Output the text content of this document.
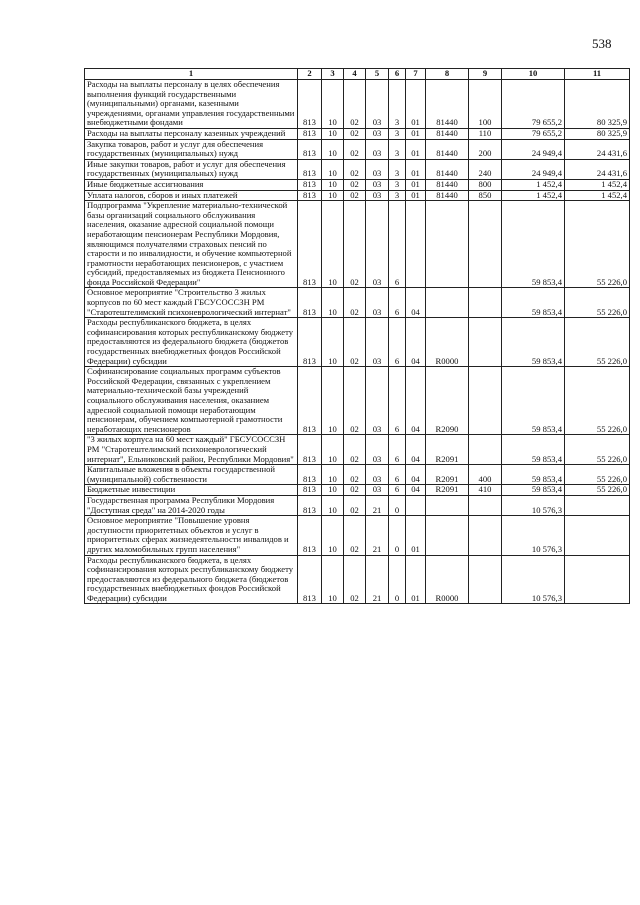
538
1	2	3	4	5	6	7	8	9	10	11
Расходы на выплаты персоналу в целях обеспечения выполнения функций государственными (муниципальными) органами, казенными учреждениями, органами управления государственными внебюджетными фондами	813	10	02	03	3	01	81440	100	79 655,2	80 325,9
Расходы на выплаты персоналу казенных учреждений	813	10	02	03	3	01	81440	110	79 655,2	80 325,9
Закупка товаров, работ и услуг для обеспечения государственных (муниципальных) нужд	813	10	02	03	3	01	81440	200	24 949,4	24 431,6
Иные закупки товаров, работ и услуг для обеспечения государственных (муниципальных) нужд	813	10	02	03	3	01	81440	240	24 949,4	24 431,6
Иные бюджетные ассигнования	813	10	02	03	3	01	81440	800	1 452,4	1 452,4
Уплата налогов, сборов и иных платежей	813	10	02	03	3	01	81440	850	1 452,4	1 452,4
Подпрограмма "Укрепление материально-технической базы организаций социального обслуживания населения, оказание адресной социальной помощи неработающим пенсионерам Республики Мордовия, являющимся получателями страховых пенсий по старости и по инвалидности, и обучение компьютерной грамотности неработающих пенсионеров, с участием субсидий, предоставляемых из бюджета Пенсионного фонда Российской Федерации"	813	10	02	03	6				59 853,4	55 226,0
Основное мероприятие "Строительство 3 жилых корпусов по 60 мест каждый ГБСУСОССЗН РМ "Старотештелимский психоневрологический интернат"	813	10	02	03	6	04			59 853,4	55 226,0
Расходы республиканского бюджета, в целях софинансирования которых республиканскому бюджету предоставляются из федерального бюджета (бюджетов государственных внебюджетных фондов Российской Федерации) субсидии	813	10	02	03	6	04	R0000		59 853,4	55 226,0
Софинансирование социальных программ субъектов Российской Федерации, связанных с укреплением материально-технической базы учреждений социального обслуживания населения, оказанием адресной социальной помощи неработающим пенсионерам, обучением компьютерной грамотности неработающих пенсионеров	813	10	02	03	6	04	R2090		59 853,4	55 226,0
"3 жилых корпуса на 60 мест каждый" ГБСУСОССЗН РМ "Старотештелимский психоневрологический интернат", Ельниковский район, Республики Мордовия"	813	10	02	03	6	04	R2091		59 853,4	55 226,0
Капитальные вложения в объекты государственной (муниципальной) собственности	813	10	02	03	6	04	R2091	400	59 853,4	55 226,0
Бюджетные инвестиции	813	10	02	03	6	04	R2091	410	59 853,4	55 226,0
Государственная программа Республики Мордовия "Доступная среда" на 2014-2020 годы	813	10	02	21	0				10 576,3	
Основное мероприятие "Повышение уровня доступности приоритетных объектов и услуг в приоритетных сферах жизнедеятельности инвалидов и других маломобильных групп населения"	813	10	02	21	0	01			10 576,3	
Расходы республиканского бюджета, в целях софинансирования которых республиканскому бюджету предоставляются из федерального бюджета (бюджетов государственных внебюджетных фондов Российской Федерации) субсидии	813	10	02	21	0	01	R0000		10 576,3	
